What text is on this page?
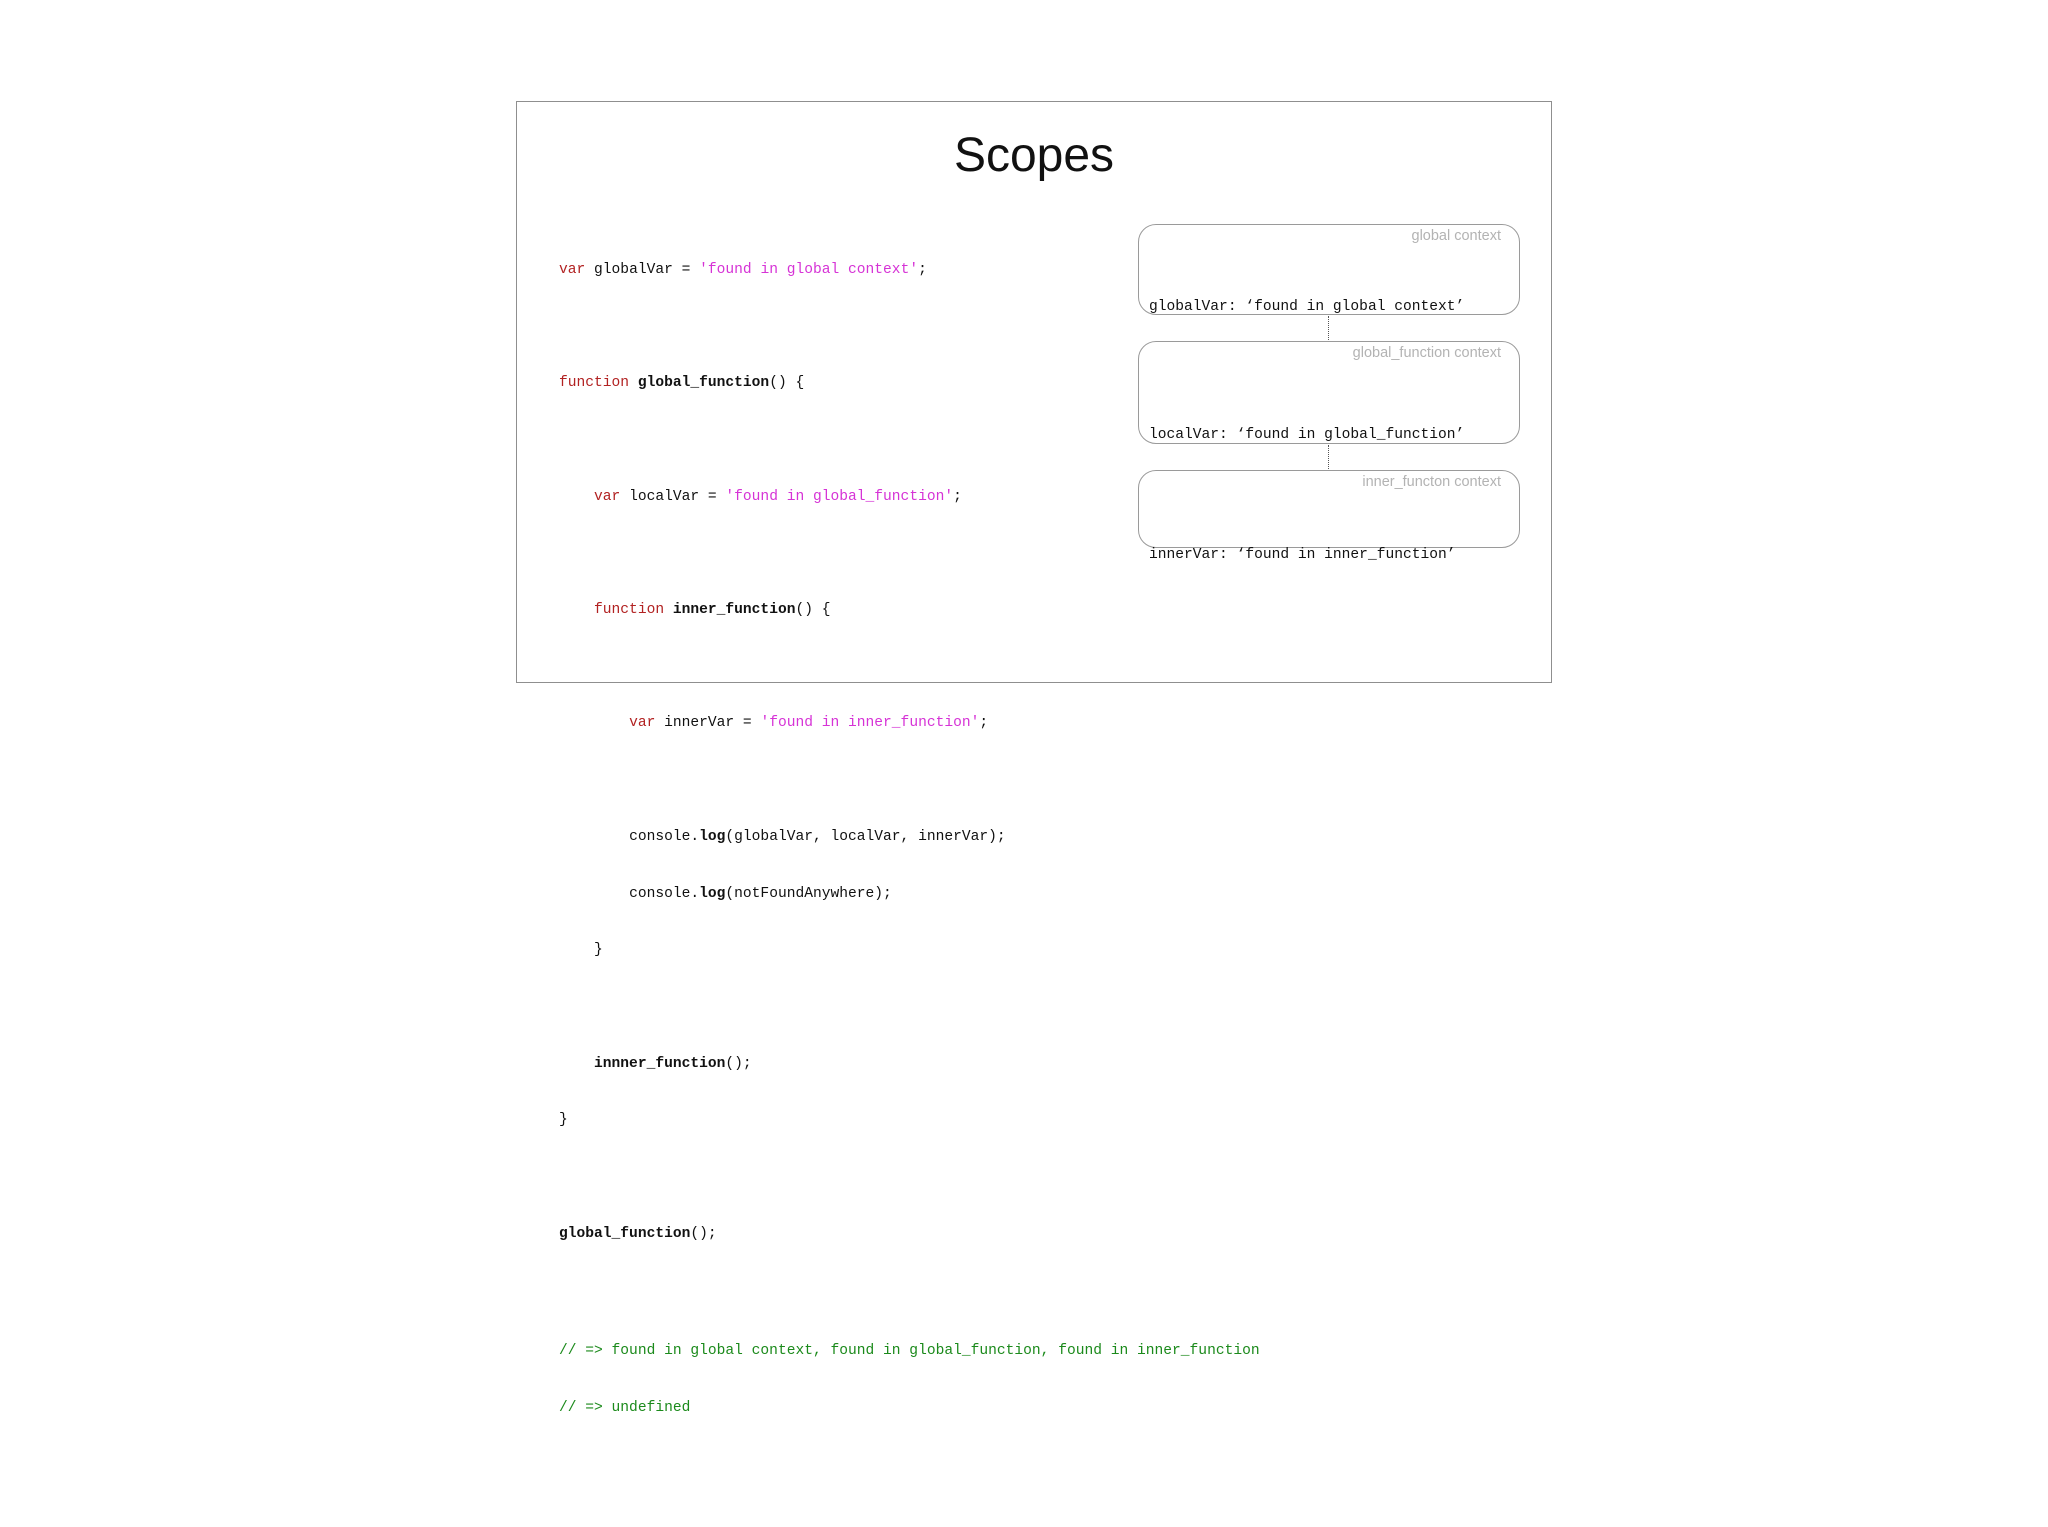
Scopes

var globalVar = 'found in global context';

function global_function() {

var localVar = 'found in global_function';

function inner_function() {

var innerVar = 'found in inner_function';

console.log(globalVar, localVar, innerVar);

console.log(notFoundAnywhere);

}

innner_function();

}

global_function();

// => found in global context, found in global_function, found in inner_function

// => undefined

global context

globalVar: ‘found in global context’

global_function context

localVar: ‘found in global_function’

inner_functon context

innerVar: ‘found in inner_function’
